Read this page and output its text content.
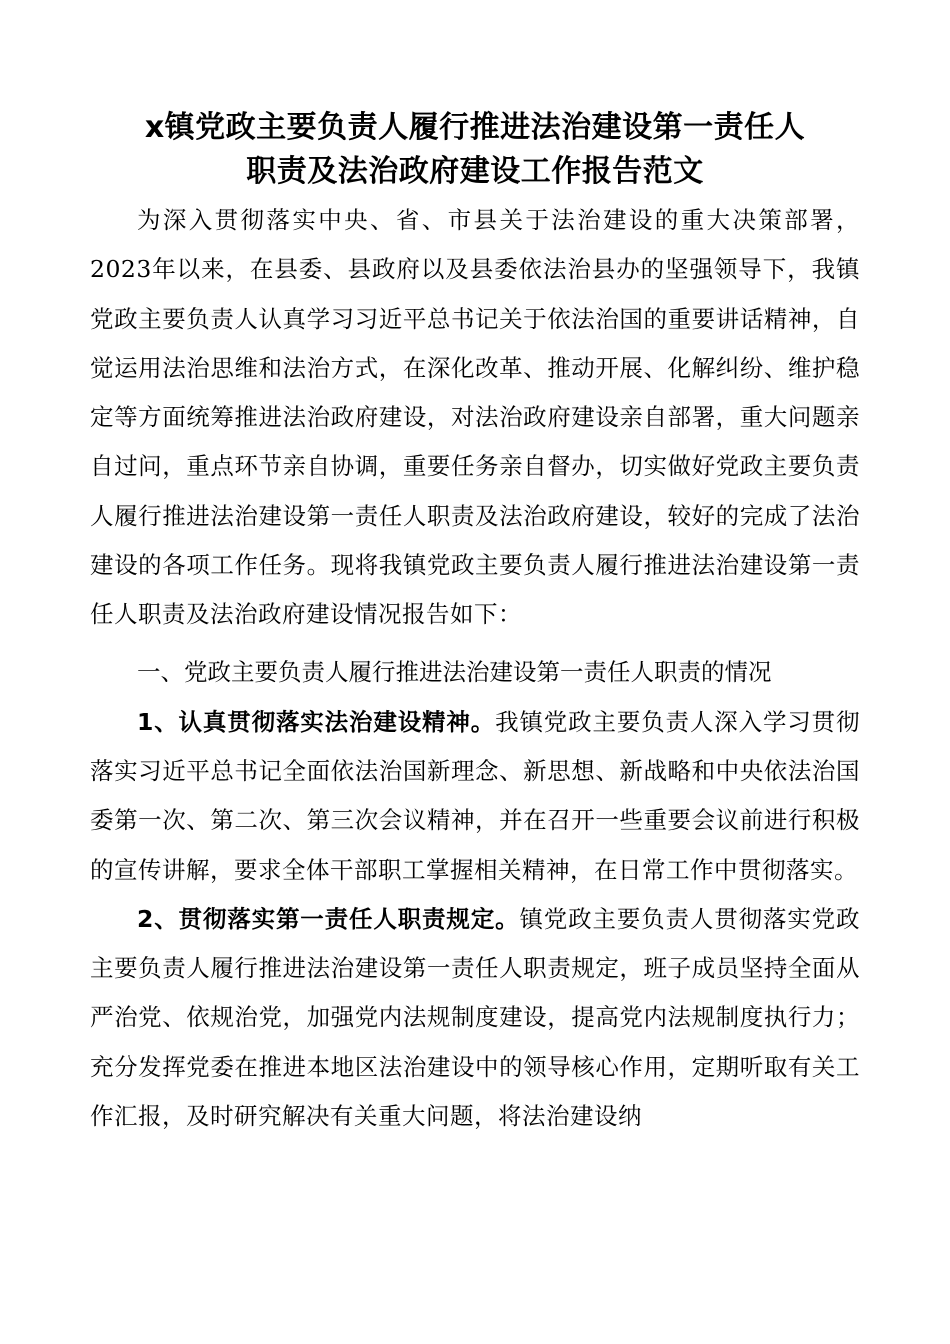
x镇党政主要负责人履行推进法治建设第一责任人
职责及法治政府建设工作报告范文

为深入贯彻落实中央、省、市县关于法治建设的重大决策部署，2023年以来，在县委、县政府以及县委依法治县办的坚强领导下，我镇党政主要负责人认真学习习近平总书记关于依法治国的重要讲话精神，自觉运用法治思维和法治方式，在深化改革、推动开展、化解纠纷、维护稳定等方面统筹推进法治政府建设，对法治政府建设亲自部署，重大问题亲自过问，重点环节亲自协调，重要任务亲自督办，切实做好党政主要负责人履行推进法治建设第一责任人职责及法治政府建设，较好的完成了法治建设的各项工作任务。现将我镇党政主要负责人履行推进法治建设第一责任人职责及法治政府建设情况报告如下：

一、党政主要负责人履行推进法治建设第一责任人职责的情况

1、认真贯彻落实法治建设精神。我镇党政主要负责人深入学习贯彻落实习近平总书记全面依法治国新理念、新思想、新战略和中央依法治国委第一次、第二次、第三次会议精神，并在召开一些重要会议前进行积极的宣传讲解，要求全体干部职工掌握相关精神，在日常工作中贯彻落实。

2、贯彻落实第一责任人职责规定。镇党政主要负责人贯彻落实党政主要负责人履行推进法治建设第一责任人职责规定，班子成员坚持全面从严治党、依规治党，加强党内法规制度建设，提高党内法规制度执行力；充分发挥党委在推进本地区法治建设中的领导核心作用，定期听取有关工作汇报，及时研究解决有关重大问题，将法治建设纳
